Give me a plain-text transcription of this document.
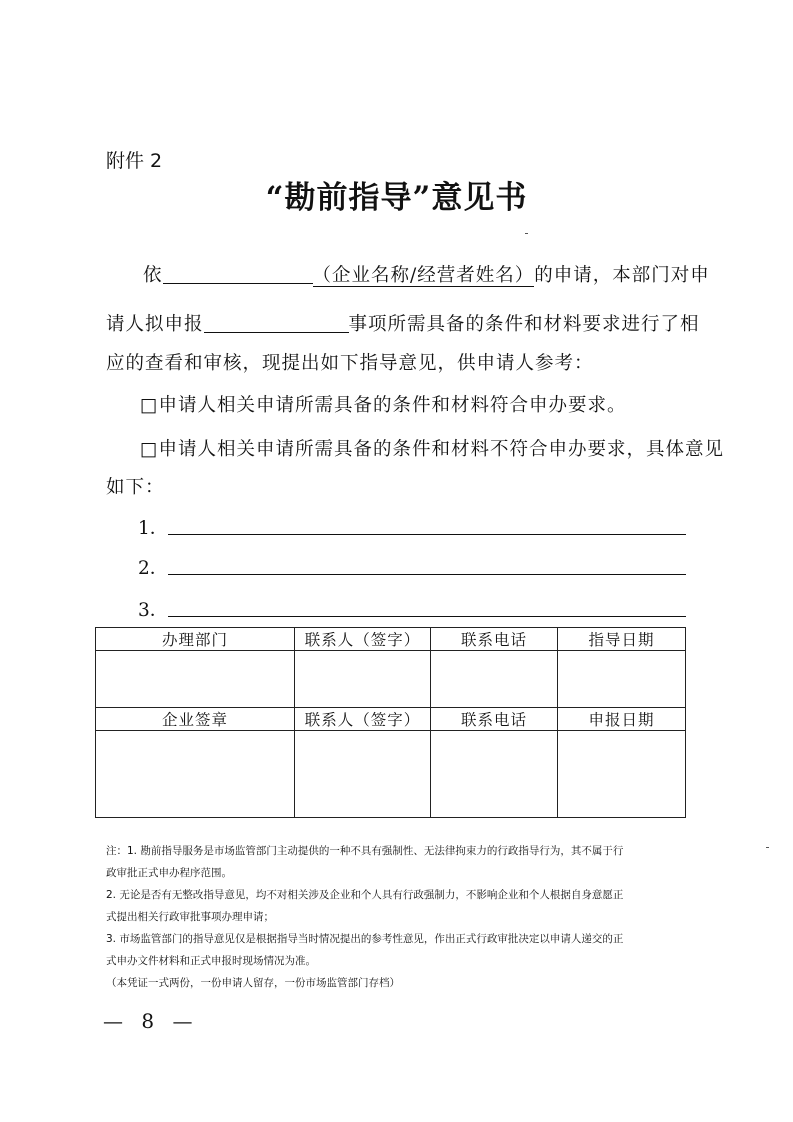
附件 2
“勘前指导”意见书
依	（企业名称/经营者姓名）的申请，本部门对申
请人拟申报	事项所需具备的条件和材料要求进行了相
应的查看和审核，现提出如下指导意见，供申请人参考：
□申请人相关申请所需具备的条件和材料符合申办要求。
□申请人相关申请所需具备的条件和材料不符合申办要求，具体意见
如下：
1．
2．
3．
办理部门	联系人（签字）	联系电话	指导日期

企业签章	联系人（签字）	联系电话	申报日期

注：1. 勘前指导服务是市场监管部门主动提供的一种不具有强制性、无法律拘束力的行政指导行为，其不属于行
政审批正式申办程序范围。
2. 无论是否有无整改指导意见，均不对相关涉及企业和个人具有行政强制力，不影响企业和个人根据自身意愿正
式提出相关行政审批事项办理申请；
3. 市场监管部门的指导意见仅是根据指导当时情况提出的参考性意见，作出正式行政审批决定以申请人递交的正
式申办文件材料和正式申报时现场情况为准。
（本凭证一式两份，一份申请人留存，一份市场监管部门存档）
— 8 —
